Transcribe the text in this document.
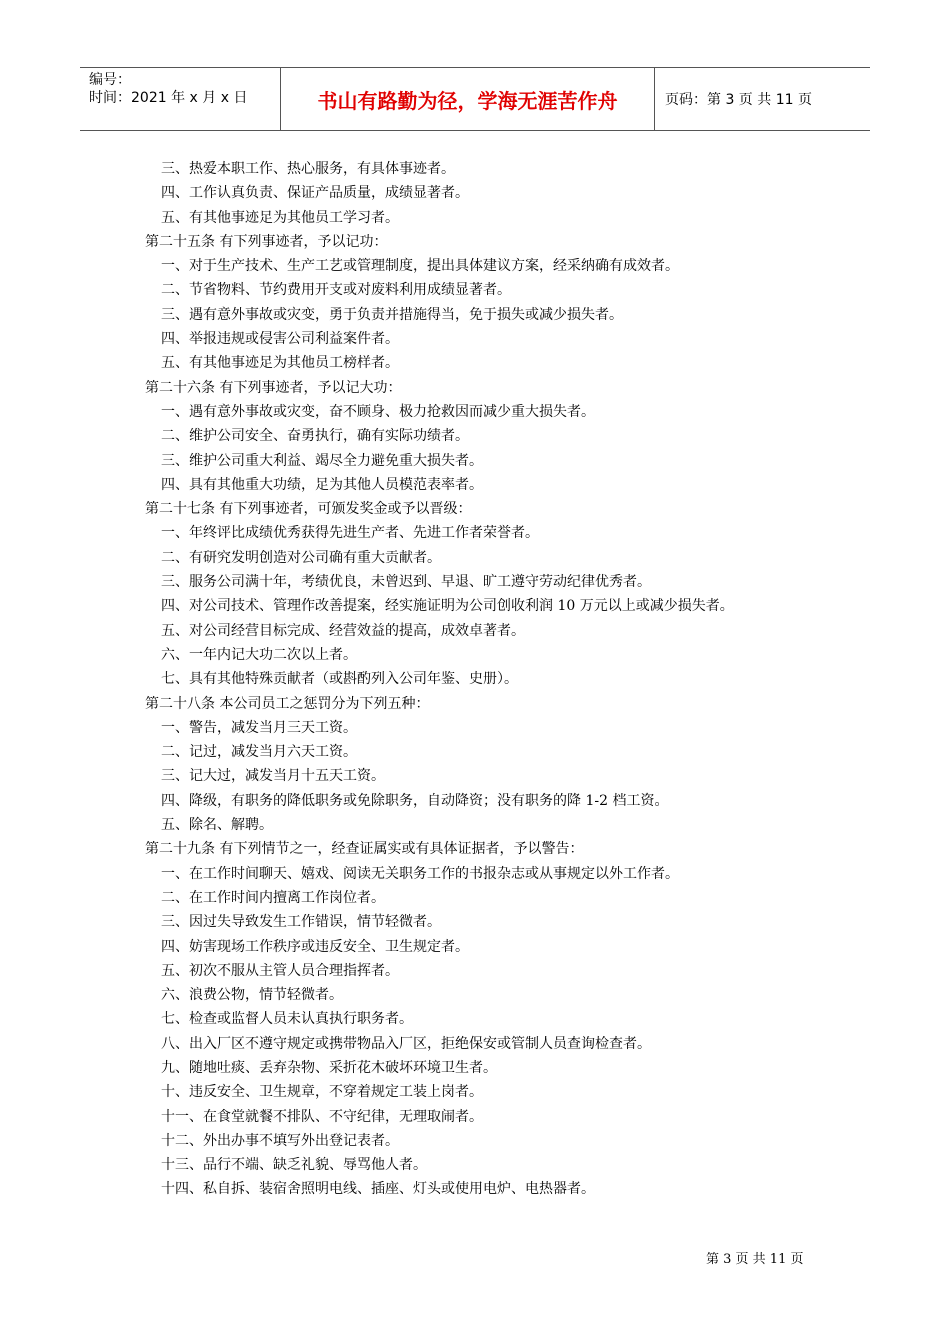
编号：
时间：2021 年 x 月 x 日	书山有路勤为径，学海无涯苦作舟	页码：第 3 页 共 11 页
三、热爱本职工作、热心服务，有具体事迹者。
四、工作认真负责、保证产品质量，成绩显著者。
五、有其他事迹足为其他员工学习者。
第二十五条 有下列事迹者，予以记功：
一、对于生产技术、生产工艺或管理制度，提出具体建议方案，经采纳确有成效者。
二、节省物料、节约费用开支或对废料利用成绩显著者。
三、遇有意外事故或灾变，勇于负责并措施得当，免于损失或减少损失者。
四、举报违规或侵害公司利益案件者。
五、有其他事迹足为其他员工榜样者。
第二十六条 有下列事迹者，予以记大功：
一、遇有意外事故或灾变，奋不顾身、极力抢救因而减少重大损失者。
二、维护公司安全、奋勇执行，确有实际功绩者。
三、维护公司重大利益、竭尽全力避免重大损失者。
四、具有其他重大功绩，足为其他人员模范表率者。
第二十七条 有下列事迹者，可颁发奖金或予以晋级：
一、年终评比成绩优秀获得先进生产者、先进工作者荣誉者。
二、有研究发明创造对公司确有重大贡献者。
三、服务公司满十年，考绩优良，未曾迟到、早退、旷工遵守劳动纪律优秀者。
四、对公司技术、管理作改善提案，经实施证明为公司创收利润 10 万元以上或减少损失者。
五、对公司经营目标完成、经营效益的提高，成效卓著者。
六、一年内记大功二次以上者。
七、具有其他特殊贡献者（或斟酌列入公司年鉴、史册）。
第二十八条 本公司员工之惩罚分为下列五种：
一、警告，减发当月三天工资。
二、记过，减发当月六天工资。
三、记大过，减发当月十五天工资。
四、降级，有职务的降低职务或免除职务，自动降资；没有职务的降 1-2 档工资。
五、除名、解聘。
第二十九条 有下列情节之一，经查证属实或有具体证据者，予以警告：
一、在工作时间聊天、嬉戏、阅读无关职务工作的书报杂志或从事规定以外工作者。
二、在工作时间内擅离工作岗位者。
三、因过失导致发生工作错误，情节轻微者。
四、妨害现场工作秩序或违反安全、卫生规定者。
五、初次不服从主管人员合理指挥者。
六、浪费公物，情节轻微者。
七、检查或监督人员未认真执行职务者。
八、出入厂区不遵守规定或携带物品入厂区，拒绝保安或管制人员查询检查者。
九、随地吐痰、丢弃杂物、采折花木破坏环境卫生者。
十、违反安全、卫生规章，不穿着规定工装上岗者。
十一、在食堂就餐不排队、不守纪律，无理取闹者。
十二、外出办事不填写外出登记表者。
十三、品行不端、缺乏礼貌、辱骂他人者。
十四、私自拆、装宿舍照明电线、插座、灯头或使用电炉、电热器者。
第 3 页 共 11 页
